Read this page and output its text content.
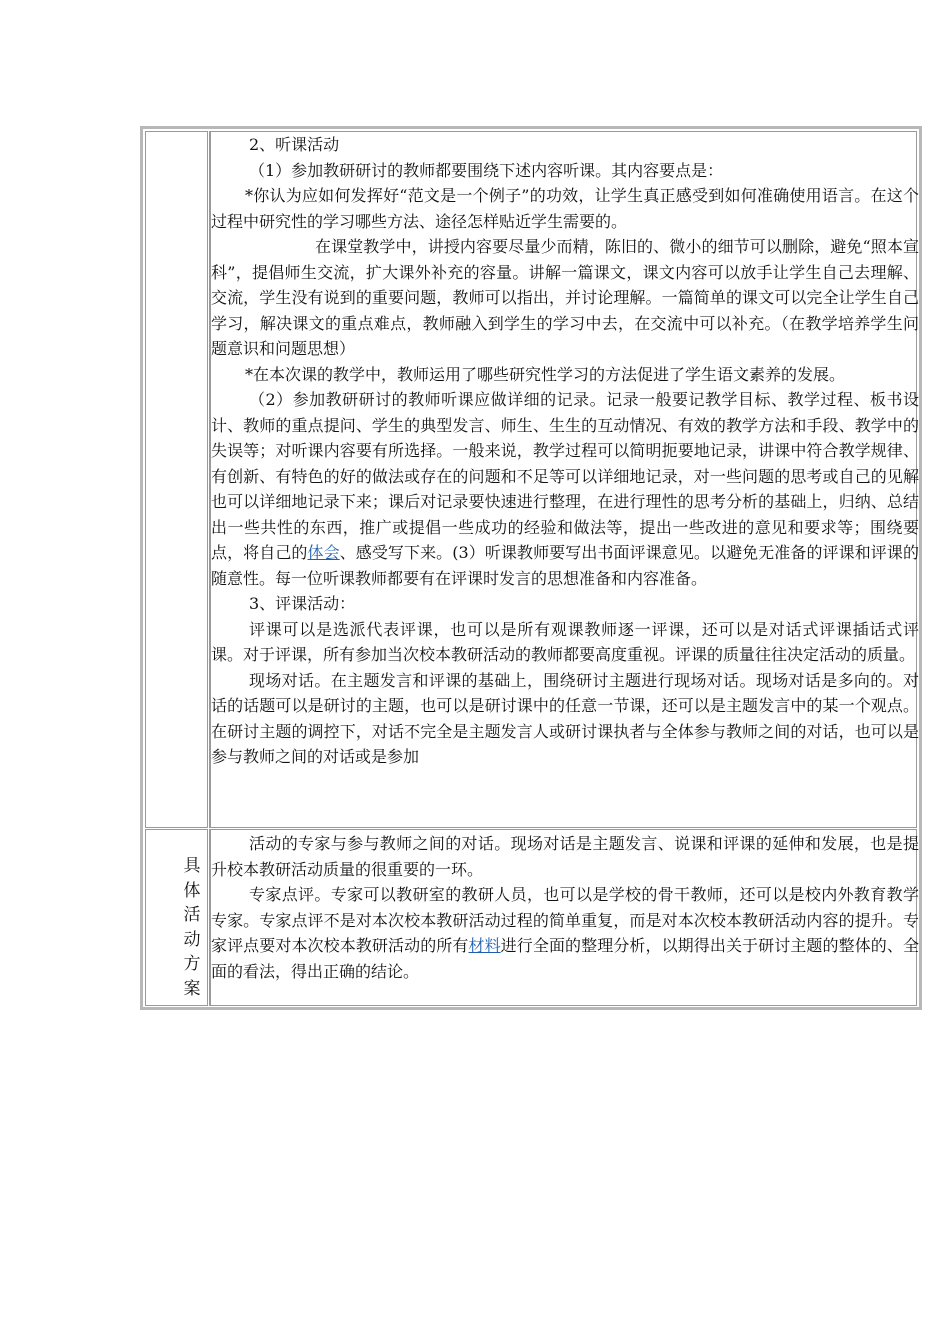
具体活动方案

2、听课活动

（1）参加教研研讨的教师都要围绕下述内容听课。其内容要点是：

*你认为应如何发挥好“范文是一个例子”的功效，让学生真正感受到如何准确使用语言。在这个过程中研究性的学习哪些方法、途径怎样贴近学生需要的。

在课堂教学中，讲授内容要尽量少而精，陈旧的、微小的细节可以删除，避免“照本宣科”，提倡师生交流，扩大课外补充的容量。讲解一篇课文，课文内容可以放手让学生自己去理解、交流，学生没有说到的重要问题，教师可以指出，并讨论理解。一篇简单的课文可以完全让学生自己学习，解决课文的重点难点，教师融入到学生的学习中去，在交流中可以补充。（在教学培养学生问题意识和问题思想）

*在本次课的教学中，教师运用了哪些研究性学习的方法促进了学生语文素养的发展。

（2）参加教研研讨的教师听课应做详细的记录。记录一般要记教学目标、教学过程、板书设计、教师的重点提问、学生的典型发言、师生、生生的互动情况、有效的教学方法和手段、教学中的失误等；对听课内容要有所选择。一般来说，教学过程可以简明扼要地记录，讲课中符合教学规律、有创新、有特色的好的做法或存在的问题和不足等可以详细地记录，对一些问题的思考或自己的见解也可以详细地记录下来；课后对记录要快速进行整理，在进行理性的思考分析的基础上，归纳、总结出一些共性的东西，推广或提倡一些成功的经验和做法等，提出一些改进的意见和要求等；围绕要点，将自己的体会、感受写下来。(3）听课教师要写出书面评课意见。以避免无准备的评课和评课的随意性。每一位听课教师都要有在评课时发言的思想准备和内容准备。

3、评课活动：

评课可以是选派代表评课，也可以是所有观课教师逐一评课，还可以是对话式评课插话式评课。对于评课，所有参加当次校本教研活动的教师都要高度重视。评课的质量往往决定活动的质量。

现场对话。在主题发言和评课的基础上，围绕研讨主题进行现场对话。现场对话是多向的。对话的话题可以是研讨的主题，也可以是研讨课中的任意一节课，还可以是主题发言中的某一个观点。在研讨主题的调控下，对话不完全是主题发言人或研讨课执者与全体参与教师之间的对话，也可以是参与教师之间的对话或是参加

活动的专家与参与教师之间的对话。现场对话是主题发言、说课和评课的延伸和发展，也是提升校本教研活动质量的很重要的一环。

专家点评。专家可以教研室的教研人员，也可以是学校的骨干教师，还可以是校内外教育教学专家。专家点评不是对本次校本教研活动过程的简单重复，而是对本次校本教研活动内容的提升。专家评点要对本次校本教研活动的所有材料进行全面的整理分析，以期得出关于研讨主题的整体的、全面的看法，得出正确的结论。
